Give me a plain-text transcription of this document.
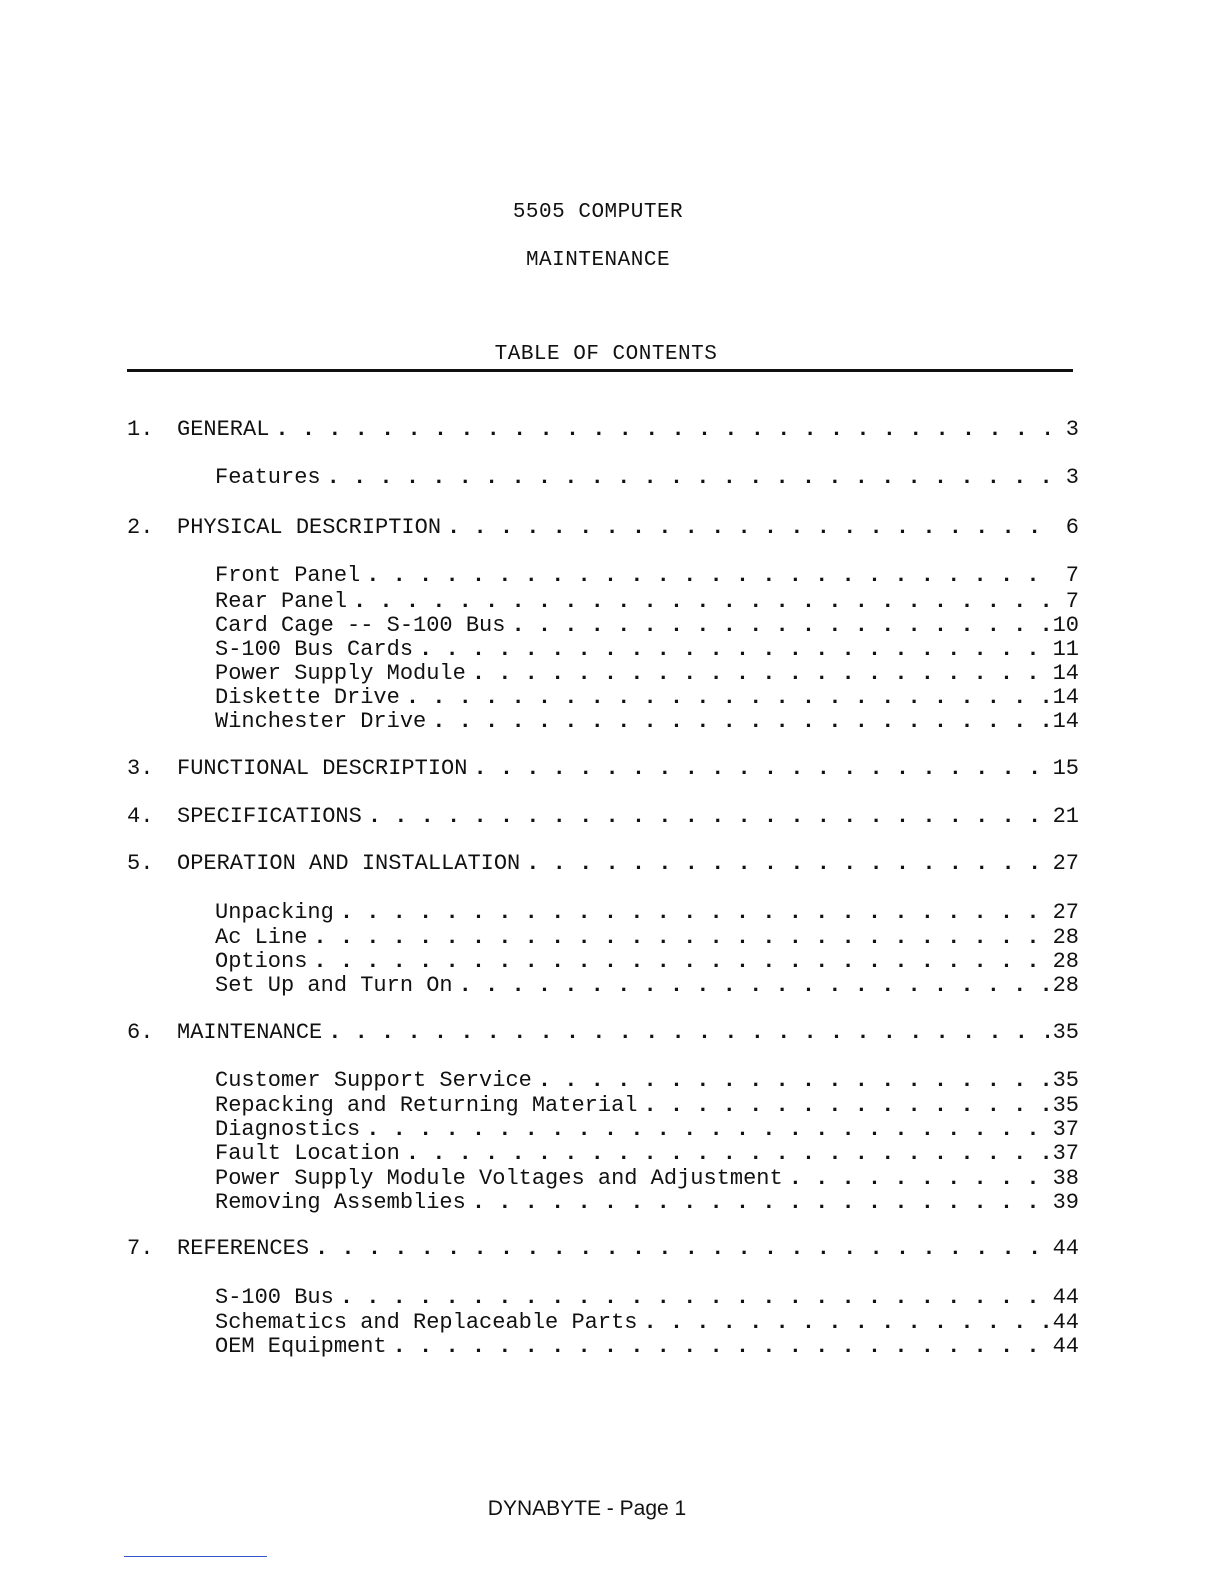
5505 COMPUTER
MAINTENANCE
TABLE OF CONTENTS
1.	GENERAL . . .	3
Features . . .	3
2.	PHYSICAL DESCRIPTION . . .	6
Front Panel . . .	7
Rear Panel . . .	7
Card Cage -- S-100 Bus . . .	10
S-100 Bus Cards . . .	11
Power Supply Module . . .	14
Diskette Drive . . .	14
Winchester Drive . . .	14
3.	FUNCTIONAL DESCRIPTION . . .	15
4.	SPECIFICATIONS . . .	21
5.	OPERATION AND INSTALLATION . . .	27
Unpacking . . .	27
Ac Line . . .	28
Options . . .	28
Set Up and Turn On . . .	28
6.	MAINTENANCE . . .	35
Customer Support Service . . .	35
Repacking and Returning Material . . .	35
Diagnostics . . .	37
Fault Location . . .	37
Power Supply Module Voltages and Adjustment . . .	38
Removing Assemblies . . .	39
7.	REFERENCES . . .	44
S-100 Bus . . .	44
Schematics and Replaceable Parts . . .	44
OEM Equipment . . .	44
DYNABYTE - Page 1
